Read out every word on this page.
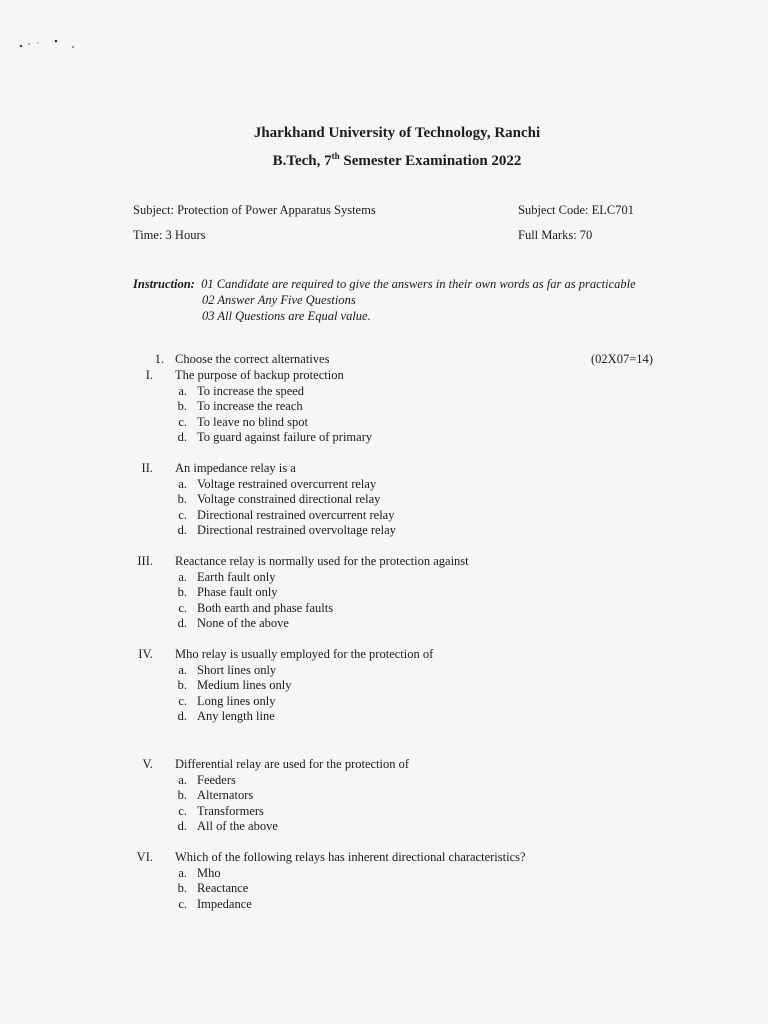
Jharkhand University of Technology, Ranchi
B.Tech, 7th Semester Examination 2022
Subject: Protection of Power Apparatus Systems	Subject Code: ELC701
Time: 3 Hours	Full Marks: 70
Instruction: 01 Candidate are required to give the answers in their own words as far as practicable
02 Answer Any Five Questions
03 All Questions are Equal value.
1. Choose the correct alternatives	(02X07=14)
I. The purpose of backup protection
a. To increase the speed
b. To increase the reach
c. To leave no blind spot
d. To guard against failure of primary
II. An impedance relay is a
a. Voltage restrained overcurrent relay
b. Voltage constrained directional relay
c. Directional restrained overcurrent relay
d. Directional restrained overvoltage relay
III. Reactance relay is normally used for the protection against
a. Earth fault only
b. Phase fault only
c. Both earth and phase faults
d. None of the above
IV. Mho relay is usually employed for the protection of
a. Short lines only
b. Medium lines only
c. Long lines only
d. Any length line
V. Differential relay are used for the protection of
a. Feeders
b. Alternators
c. Transformers
d. All of the above
VI. Which of the following relays has inherent directional characteristics?
a. Mho
b. Reactance
c. Impedance
